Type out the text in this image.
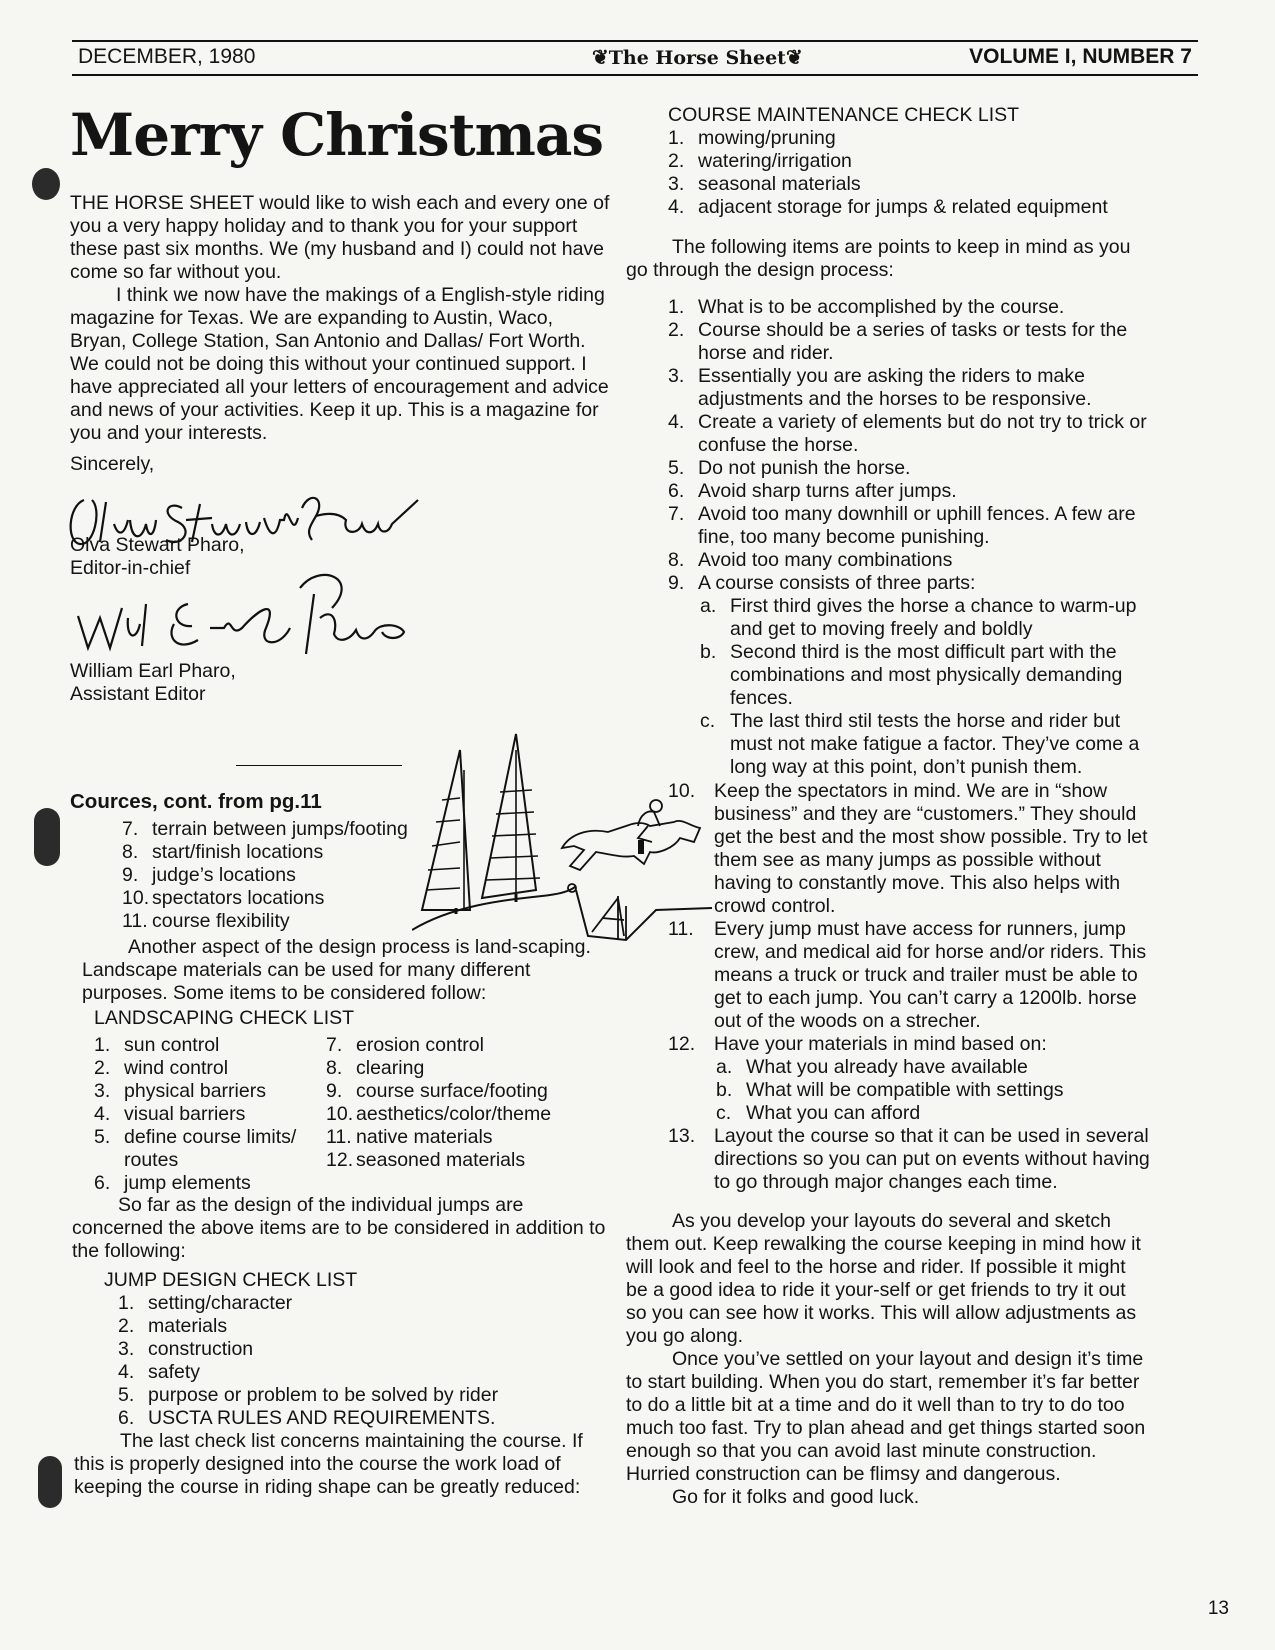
DECEMBER, 1980	❦The Horse Sheet❦	VOLUME I, NUMBER 7
Merry Christmas

THE HORSE SHEET would like to wish each and every one of you a very happy holiday and to thank you for your support these past six months. We (my husband and I) could not have come so far without you.

I think we now have the makings of a English-style riding magazine for Texas. We are expanding to Austin, Waco, Bryan, College Station, San Antonio and Dallas/ Fort Worth. We could not be doing this without your continued support. I have appreciated all your letters of encouragement and advice and news of your activities. Keep it up. This is a magazine for you and your interests.

Sincerely,

Olva Stewart Pharo,

Editor-in-chief

William Earl Pharo,

Assistant Editor

Cources, cont. from pg.11

7. terrain between jumps/footing
8. start/finish locations
9. judge’s locations
10. spectators locations
11. course flexibility

Another aspect of the design process is land-scaping. Landscape materials can be used for many different purposes. Some items to be considered follow:

LANDSCAPING CHECK LIST

1. sun control
2. wind control
3. physical barriers
4. visual barriers
5. define course limits/ routes
6. jump elements
7. erosion control
8. clearing
9. course surface/footing
10. aesthetics/color/theme
11. native materials
12. seasoned materials

So far as the design of the individual jumps are concerned the above items are to be considered in addition to the following:

JUMP DESIGN CHECK LIST

1. setting/character
2. materials
3. construction
4. safety
5. purpose or problem to be solved by rider
6. USCTA RULES AND REQUIREMENTS.

The last check list concerns maintaining the course. If this is properly designed into the course the work load of keeping the course in riding shape can be greatly reduced:

COURSE MAINTENANCE CHECK LIST

1. mowing/pruning
2. watering/irrigation
3. seasonal materials
4. adjacent storage for jumps & related equipment

The following items are points to keep in mind as you go through the design process:

1. What is to be accomplished by the course.
2. Course should be a series of tasks or tests for the horse and rider.
3. Essentially you are asking the riders to make adjustments and the horses to be responsive.
4. Create a variety of elements but do not try to trick or confuse the horse.
5. Do not punish the horse.
6. Avoid sharp turns after jumps.
7. Avoid too many downhill or uphill fences. A few are fine, too many become punishing.
8. Avoid too many combinations
9. A course consists of three parts:
a. First third gives the horse a chance to warm-up and get to moving freely and boldly
b. Second third is the most difficult part with the combinations and most physically demanding fences.
c. The last third stil tests the horse and rider but must not make fatigue a factor. They’ve come a long way at this point, don’t punish them.
10. Keep the spectators in mind. We are in “show business” and they are “customers.” They should get the best and the most show possible. Try to let them see as many jumps as possible without having to constantly move. This also helps with crowd control.
11. Every jump must have access for runners, jump crew, and medical aid for horse and/or riders. This means a truck or truck and trailer must be able to get to each jump. You can’t carry a 1200lb. horse out of the woods on a strecher.
12. Have your materials in mind based on:
a. What you already have available
b. What will be compatible with settings
c. What you can afford
13. Layout the course so that it can be used in several directions so you can put on events without having to go through major changes each time.

As you develop your layouts do several and sketch them out. Keep rewalking the course keeping in mind how it will look and feel to the horse and rider. If possible it might be a good idea to ride it your-self or get friends to try it out so you can see how it works. This will allow adjustments as you go along.

Once you’ve settled on your layout and design it’s time to start building. When you do start, remember it’s far better to do a little bit at a time and do it well than to try to do too much too fast. Try to plan ahead and get things started soon enough so that you can avoid last minute construction. Hurried construction can be flimsy and dangerous.

Go for it folks and good luck.

13
